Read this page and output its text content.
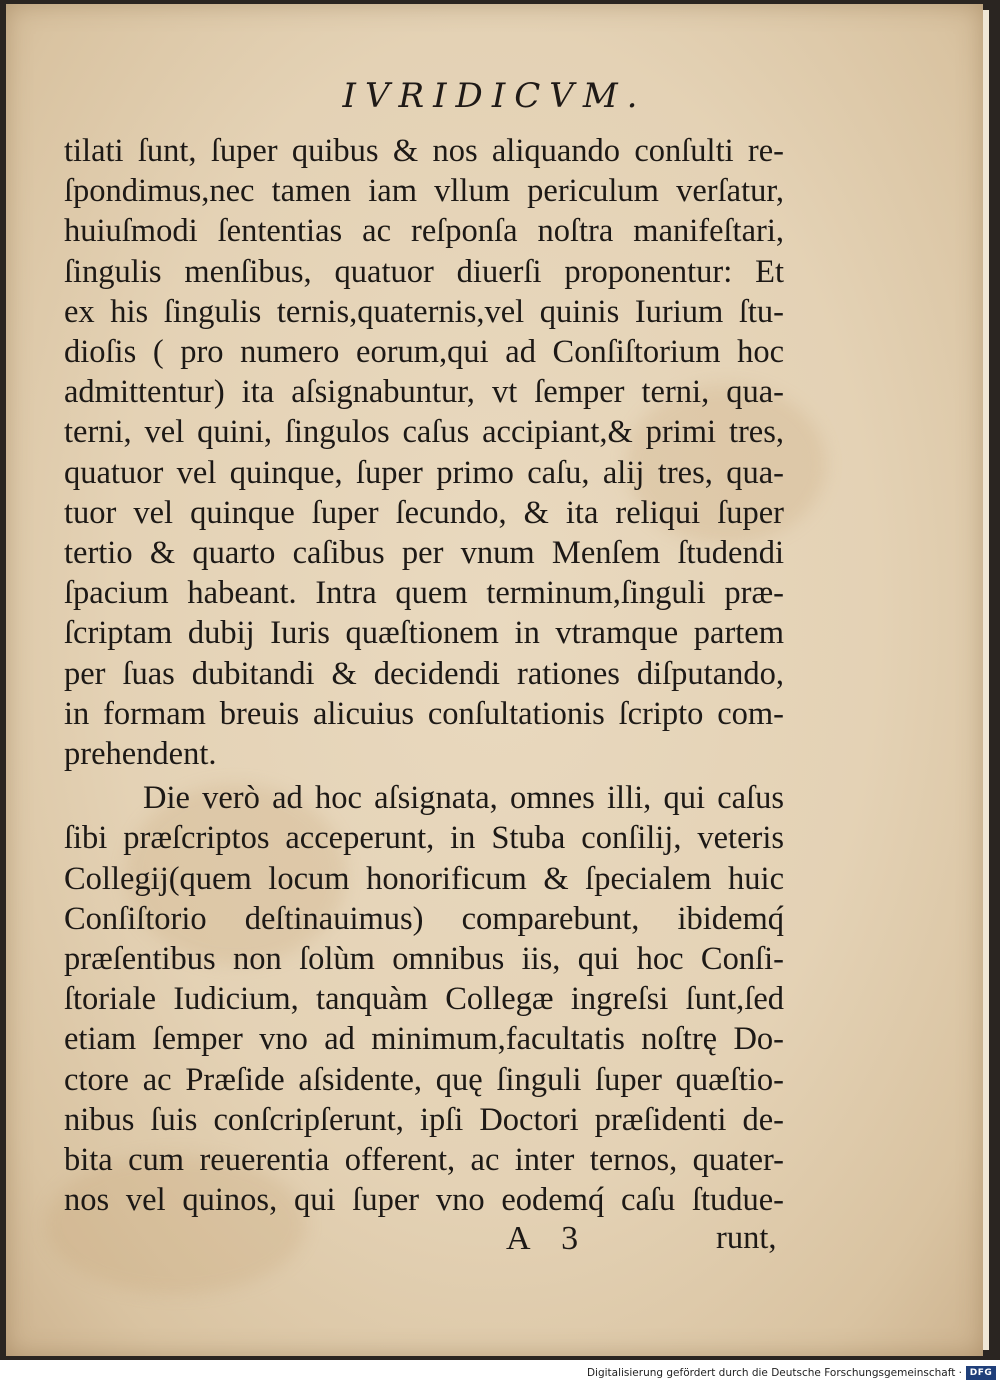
IVRIDICVM.

tilati ſunt, ſuper quibus & nos aliquando conſulti re-

ſpondimus,nec tamen iam vllum periculum verſatur,

huiuſmodi ſententias ac reſponſa noſtra manifeſtari,

ſingulis menſibus, quatuor diuerſi proponentur: Et

ex his ſingulis ternis,quaternis,vel quinis Iurium ſtu-

dioſis ( pro numero eorum,qui ad Conſiſtorium hoc

admittentur) ita aſsignabuntur, vt ſemper terni, qua-

terni, vel quini, ſingulos caſus accipiant,& primi tres,

quatuor vel quinque, ſuper primo caſu, alij tres, qua-

tuor vel quinque ſuper ſecundo, & ita reliqui ſuper

tertio & quarto caſibus per vnum Menſem ſtudendi

ſpacium habeant. Intra quem terminum,ſinguli præ-

ſcriptam dubij Iuris quæſtionem in vtramque partem

per ſuas dubitandi & decidendi rationes diſputando,

in formam breuis alicuius conſultationis ſcripto com-

prehendent.

Die verò ad hoc aſsignata, omnes illi, qui caſus

ſibi præſcriptos acceperunt, in Stuba conſilij, veteris

Collegij(quem locum honorificum & ſpecialem huic

Conſiſtorio deſtinauimus) comparebunt, ibidemq́

præſentibus non ſolùm omnibus iis, qui hoc Conſi-

ſtoriale Iudicium, tanquàm Collegæ ingreſsi ſunt,ſed

etiam ſemper vno ad minimum,facultatis noſtrę Do-

ctore ac Præſide aſsidente, quę ſinguli ſuper quæſtio-

nibus ſuis conſcripſerunt, ipſi Doctori præſidenti de-

bita cum reuerentia offerent, ac inter ternos, quater-

nos vel quinos, qui ſuper vno eodemq́ caſu ſtudue-

A 3	runt,

Digitalisierung gefördert durch die Deutsche Forschungsgemeinschaft · DFG
